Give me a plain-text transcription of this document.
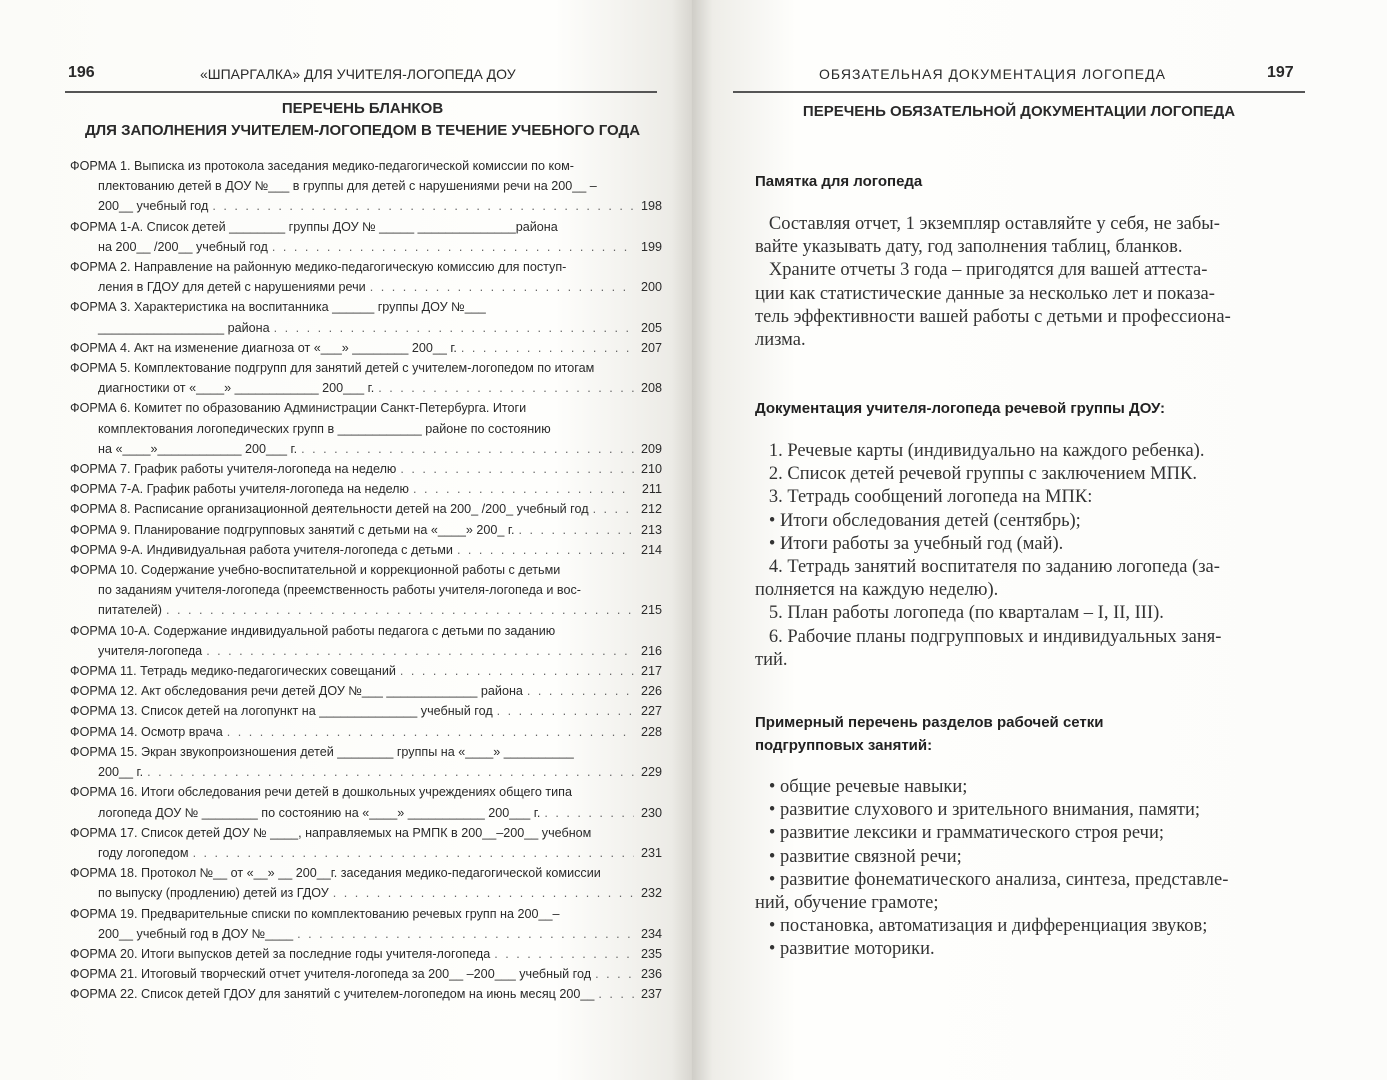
196	«ШПАРГАЛКА» ДЛЯ УЧИТЕЛЯ-ЛОГОПЕДА ДОУ
ПЕРЕЧЕНЬ БЛАНКОВ
ДЛЯ ЗАПОЛНЕНИЯ УЧИТЕЛЕМ-ЛОГОПЕДОМ В ТЕЧЕНИЕ УЧЕБНОГО ГОДА
ФОРМА 1. Выписка из протокола заседания медико-педагогической комиссии по ком-
плектованию детей в ДОУ №___ в группы для детей с нарушениями речи на 200__ –
200__ учебный год . . .	198
ФОРМА 1-А. Список детей ________ группы ДОУ № _____ ______________района
на 200__ /200__ учебный год . . .	199
ФОРМА 2. Направление на районную медико-педагогическую комиссию для поступ-
ления в ГДОУ для детей с нарушениями речи . . .	200
ФОРМА 3. Характеристика на воспитанника ______ группы ДОУ №___
__________________ района . . .	205
ФОРМА 4. Акт на изменение диагноза от «___» ________ 200__ г. . . .	207
ФОРМА 5. Комплектование подгрупп для занятий детей с учителем-логопедом по итогам
диагностики от «____» ____________ 200___ г. . . .	208
ФОРМА 6. Комитет по образованию Администрации Санкт-Петербурга. Итоги
комплектования логопедических групп в ____________ районе по состоянию
на «____»____________ 200___ г. . . .	209
ФОРМА 7. График работы учителя-логопеда на неделю . . .	210
ФОРМА 7-А. График работы учителя-логопеда на неделю . . .	211
ФОРМА 8. Расписание организационной деятельности детей на 200_ /200_ учебный год . . .	212
ФОРМА 9. Планирование подгрупповых занятий с детьми на «____» 200_ г. . . .	213
ФОРМА 9-А. Индивидуальная работа учителя-логопеда с детьми . . .	214
ФОРМА 10. Содержание учебно-воспитательной и коррекционной работы с детьми
по заданиям учителя-логопеда (преемственность работы учителя-логопеда и вос-
питателей) . . .	215
ФОРМА 10-А. Содержание индивидуальной работы педагога с детьми по заданию
учителя-логопеда . . .	216
ФОРМА 11. Тетрадь медико-педагогических совещаний . . .	217
ФОРМА 12. Акт обследования речи детей ДОУ №___ _____________ района . . .	226
ФОРМА 13. Список детей на логопункт на ______________ учебный год . . .	227
ФОРМА 14. Осмотр врача . . .	228
ФОРМА 15. Экран звукопроизношения детей ________ группы на «____» __________
200__ г. . . .	229
ФОРМА 16. Итоги обследования речи детей в дошкольных учреждениях общего типа
логопеда ДОУ № ________ по состоянию на «____» ___________ 200___ г. . . .	230
ФОРМА 17. Список детей ДОУ № ____, направляемых на РМПК в 200__–200__ учебном
году логопедом . . .	231
ФОРМА 18. Протокол №__ от «__» __ 200__г. заседания медико-педагогической комиссии
по выпуску (продлению) детей из ГДОУ . . .	232
ФОРМА 19. Предварительные списки по комплектованию речевых групп на 200__–
200__ учебный год в ДОУ №____ . . .	234
ФОРМА 20. Итоги выпусков детей за последние годы учителя-логопеда . . .	235
ФОРМА 21. Итоговый творческий отчет учителя-логопеда за 200__ –200___ учебный год . . .	236
ФОРМА 22. Список детей ГДОУ для занятий с учителем-логопедом на июнь месяц 200__ . . .	237
ОБЯЗАТЕЛЬНАЯ ДОКУМЕНТАЦИЯ ЛОГОПЕДА	197
ПЕРЕЧЕНЬ ОБЯЗАТЕЛЬНОЙ ДОКУМЕНТАЦИИ ЛОГОПЕДА
Памятка для логопеда
Составляя отчет, 1 экземпляр оставляйте у себя, не забы-
вайте указывать дату, год заполнения таблиц, бланков.
Храните отчеты 3 года – пригодятся для вашей аттеста-
ции как статистические данные за несколько лет и показа-
тель эффективности вашей работы с детьми и профессиона-
лизма.
Документация учителя-логопеда речевой группы ДОУ:
1. Речевые карты (индивидуально на каждого ребенка).
2. Список детей речевой группы с заключением МПК.
3. Тетрадь сообщений логопеда на МПК:
• Итоги обследования детей (сентябрь);
• Итоги работы за учебный год (май).
4. Тетрадь занятий воспитателя по заданию логопеда (за-
полняется на каждую неделю).
5. План работы логопеда (по кварталам – I, II, III).
6. Рабочие планы подгрупповых и индивидуальных заня-
тий.
Примерный перечень разделов рабочей сетки
подгрупповых занятий:
• общие речевые навыки;
• развитие слухового и зрительного внимания, памяти;
• развитие лексики и грамматического строя речи;
• развитие связной речи;
• развитие фонематического анализа, синтеза, представле-
ний, обучение грамоте;
• постановка, автоматизация и дифференциация звуков;
• развитие моторики.
